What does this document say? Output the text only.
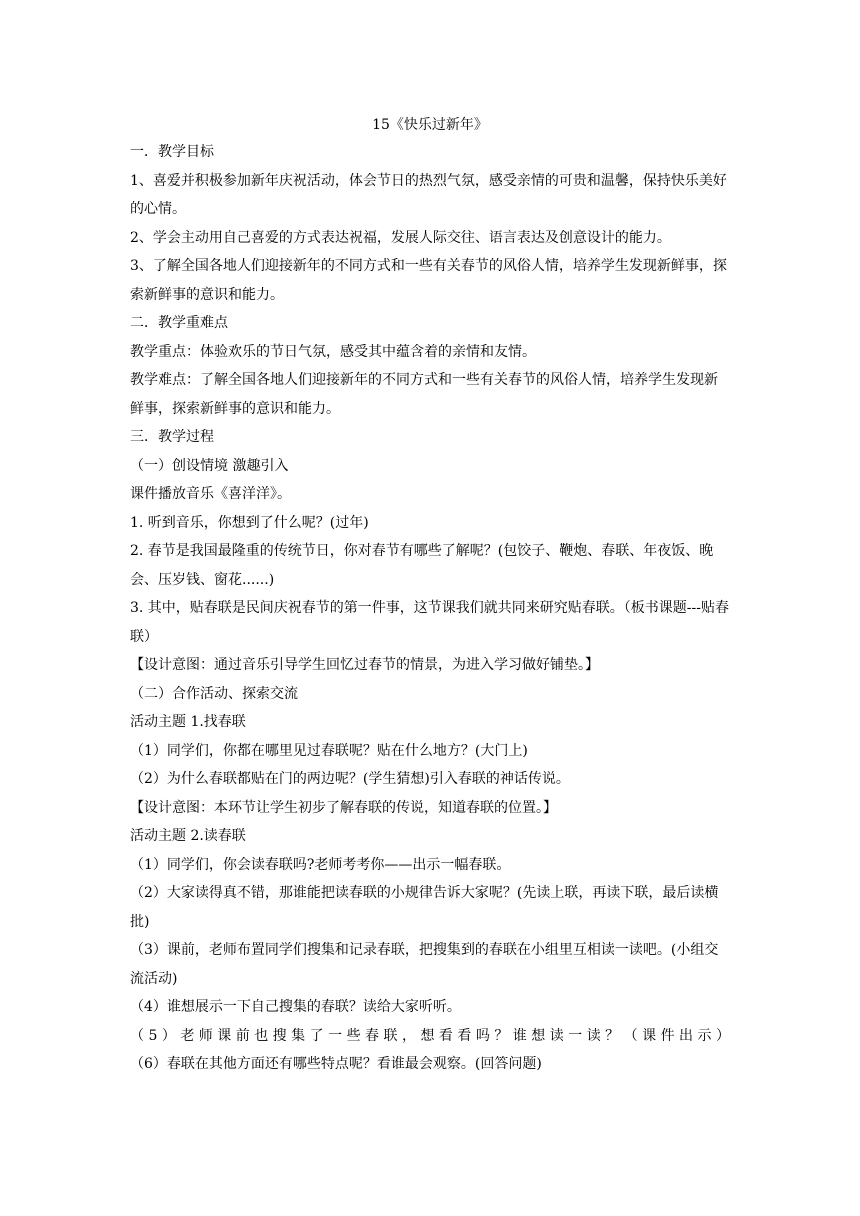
15《快乐过新年》
一．教学目标
1、喜爱并积极参加新年庆祝活动，体会节日的热烈气氛，感受亲情的可贵和温馨，保持快乐美好的心情。
2、学会主动用自己喜爱的方式表达祝福，发展人际交往、语言表达及创意设计的能力。
3、了解全国各地人们迎接新年的不同方式和一些有关春节的风俗人情，培养学生发现新鲜事，探索新鲜事的意识和能力。
二．教学重难点
教学重点：体验欢乐的节日气氛，感受其中蕴含着的亲情和友情。
教学难点：了解全国各地人们迎接新年的不同方式和一些有关春节的风俗人情，培养学生发现新鲜事，探索新鲜事的意识和能力。
三．教学过程
（一）创设情境 激趣引入
课件播放音乐《喜洋洋》。
1. 听到音乐，你想到了什么呢？(过年)
2. 春节是我国最隆重的传统节日，你对春节有哪些了解呢？(包饺子、鞭炮、春联、年夜饭、晚会、压岁钱、窗花......)
3. 其中，贴春联是民间庆祝春节的第一件事，这节课我们就共同来研究贴春联。（板书课题---贴春联）
【设计意图：通过音乐引导学生回忆过春节的情景，为进入学习做好铺垫。】
（二）合作活动、探索交流
活动主题 1.找春联
（1）同学们，你都在哪里见过春联呢？贴在什么地方？(大门上)
（2）为什么春联都贴在门的两边呢？(学生猜想)引入春联的神话传说。
【设计意图：本环节让学生初步了解春联的传说，知道春联的位置。】
活动主题 2.读春联
（1）同学们，你会读春联吗?老师考考你——出示一幅春联。
（2）大家读得真不错，那谁能把读春联的小规律告诉大家呢？(先读上联，再读下联，最后读横批)
（3）课前，老师布置同学们搜集和记录春联，把搜集到的春联在小组里互相读一读吧。(小组交流活动)
（4）谁想展示一下自己搜集的春联？读给大家听听。
（5）老师课前也搜集了一些春联，想看看吗？谁想读一读？（课件出示）
（6）春联在其他方面还有哪些特点呢？看谁最会观察。(回答问题)
